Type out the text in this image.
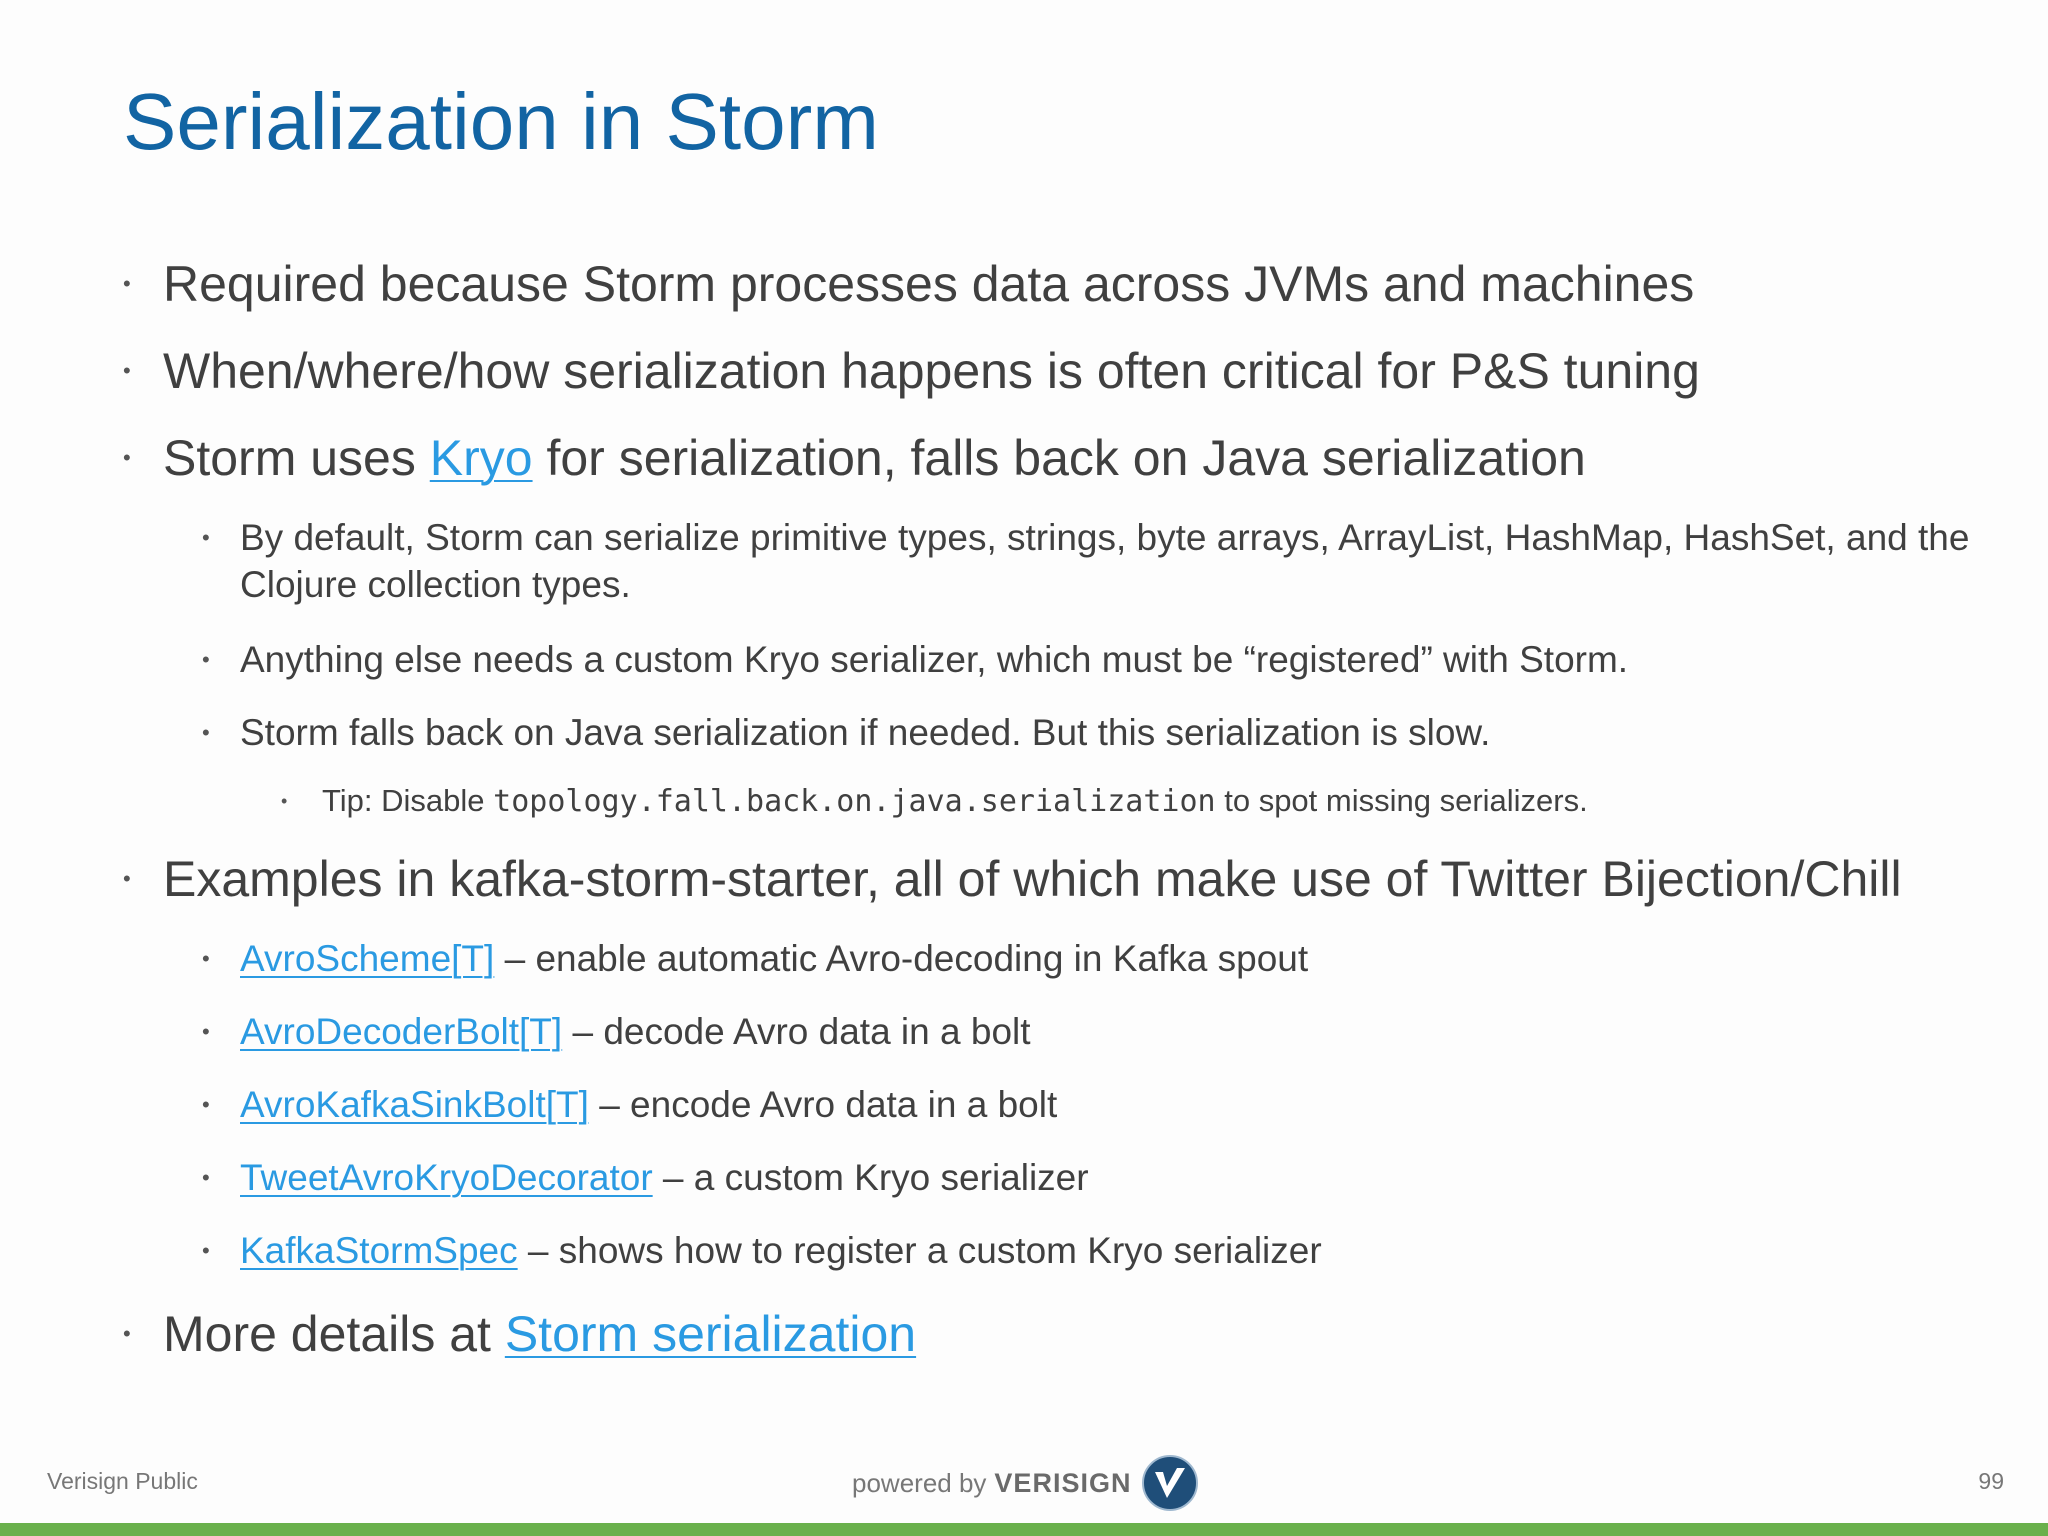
Serialization in Storm
• Required because Storm processes data across JVMs and machines
• When/where/how serialization happens is often critical for P&S tuning
• Storm uses Kryo for serialization, falls back on Java serialization
• By default, Storm can serialize primitive types, strings, byte arrays, ArrayList, HashMap, HashSet, and the Clojure collection types.
• Anything else needs a custom Kryo serializer, which must be “registered” with Storm.
• Storm falls back on Java serialization if needed. But this serialization is slow.
• Tip: Disable topology.fall.back.on.java.serialization to spot missing serializers.
• Examples in kafka-storm-starter, all of which make use of Twitter Bijection/Chill
• AvroScheme[T] – enable automatic Avro-decoding in Kafka spout
• AvroDecoderBolt[T] – decode Avro data in a bolt
• AvroKafkaSinkBolt[T] – encode Avro data in a bolt
• TweetAvroKryoDecorator – a custom Kryo serializer
• KafkaStormSpec – shows how to register a custom Kryo serializer
• More details at Storm serialization
Verisign Public	powered by VERISIGN	99
